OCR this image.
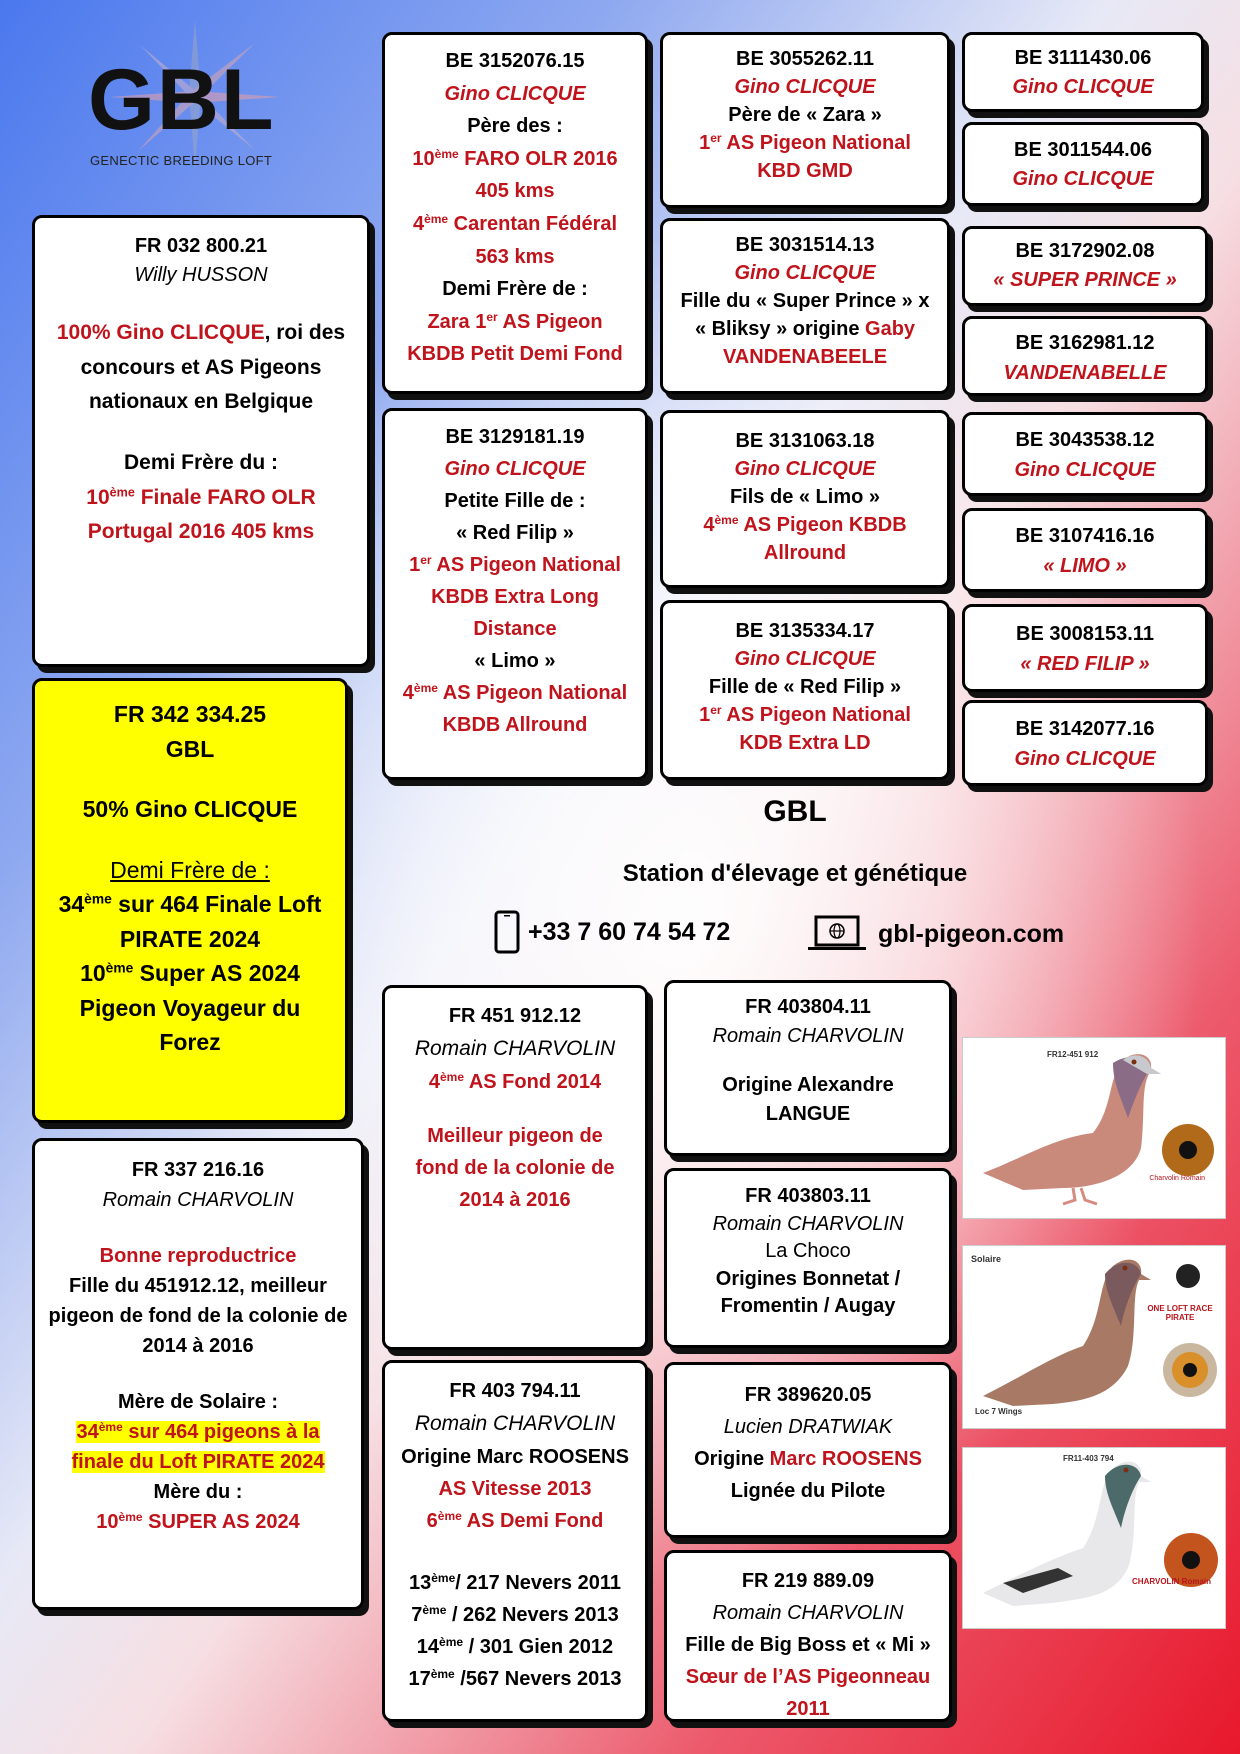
GBL
GENECTIC BREEDING LOFT
FR 032 800.21
Willy HUSSON
100% Gino CLICQUE, roi des concours et AS Pigeons nationaux en Belgique
Demi Frère du :
10ème Finale FARO OLR Portugal 2016 405 kms
FR 342 334.25
GBL
50% Gino CLICQUE
Demi Frère de :
34ème sur 464 Finale Loft PIRATE 2024
10ème Super AS 2024 Pigeon Voyageur du Forez
FR 337 216.16
Romain CHARVOLIN
Bonne reproductrice
Fille du 451912.12, meilleur pigeon de fond de la colonie de 2014 à 2016
Mère de Solaire :
34ème sur 464 pigeons à la finale du Loft PIRATE 2024
Mère du :
10ème SUPER AS 2024
BE 3152076.15
Gino CLICQUE
Père des :
10ème FARO OLR 2016
405 kms
4ème Carentan Fédéral
563 kms
Demi Frère de :
Zara 1er AS Pigeon
KBDB Petit Demi Fond
BE 3129181.19
Gino CLICQUE
Petite Fille de :
« Red Filip »
1er AS Pigeon National
KBDB Extra Long
Distance
« Limo »
4ème AS Pigeon National
KBDB Allround
BE 3055262.11
Gino CLICQUE
Père de « Zara »
1er AS Pigeon National
KBD GMD
BE 3031514.13
Gino CLICQUE
Fille du « Super Prince » x
« Bliksy » origine Gaby
VANDENABEELE
BE 3131063.18
Gino CLICQUE
Fils de « Limo »
4ème AS Pigeon KBDB
Allround
BE 3135334.17
Gino CLICQUE
Fille de « Red Filip »
1er AS Pigeon National
KDB Extra LD
BE 3111430.06
Gino CLICQUE
BE 3011544.06
Gino CLICQUE
BE 3172902.08
« SUPER PRINCE »
BE 3162981.12
VANDENABELLE
BE 3043538.12
Gino CLICQUE
BE 3107416.16
« LIMO »
BE 3008153.11
« RED FILIP »
BE 3142077.16
Gino CLICQUE
GBL
Station d'élevage et génétique
+33 7 60 74 54 72	gbl-pigeon.com
FR 451 912.12
Romain CHARVOLIN
4ème AS Fond 2014
Meilleur pigeon de fond de la colonie de 2014 à 2016
FR 403 794.11
Romain CHARVOLIN
Origine Marc ROOSENS
AS Vitesse 2013
6ème AS Demi Fond
13ème/ 217 Nevers 2011
7ème / 262 Nevers 2013
14ème / 301 Gien 2012
17ème /567 Nevers 2013
FR 403804.11
Romain CHARVOLIN
Origine Alexandre
LANGUE
FR 403803.11
Romain CHARVOLIN
La Choco
Origines Bonnetat /
Fromentin / Augay
FR 389620.05
Lucien DRATWIAK
Origine Marc ROOSENS
Lignée du Pilote
FR 219 889.09
Romain CHARVOLIN
Fille de Big Boss et « Mi »
Sœur de l’AS Pigeonneau
2011
FR12-451 912
Charvolin Romain
Solaire
ONE LOFT RACE PIRATE
Loc 7 Wings
FR11-403 794
CHARVOLIN Romain
